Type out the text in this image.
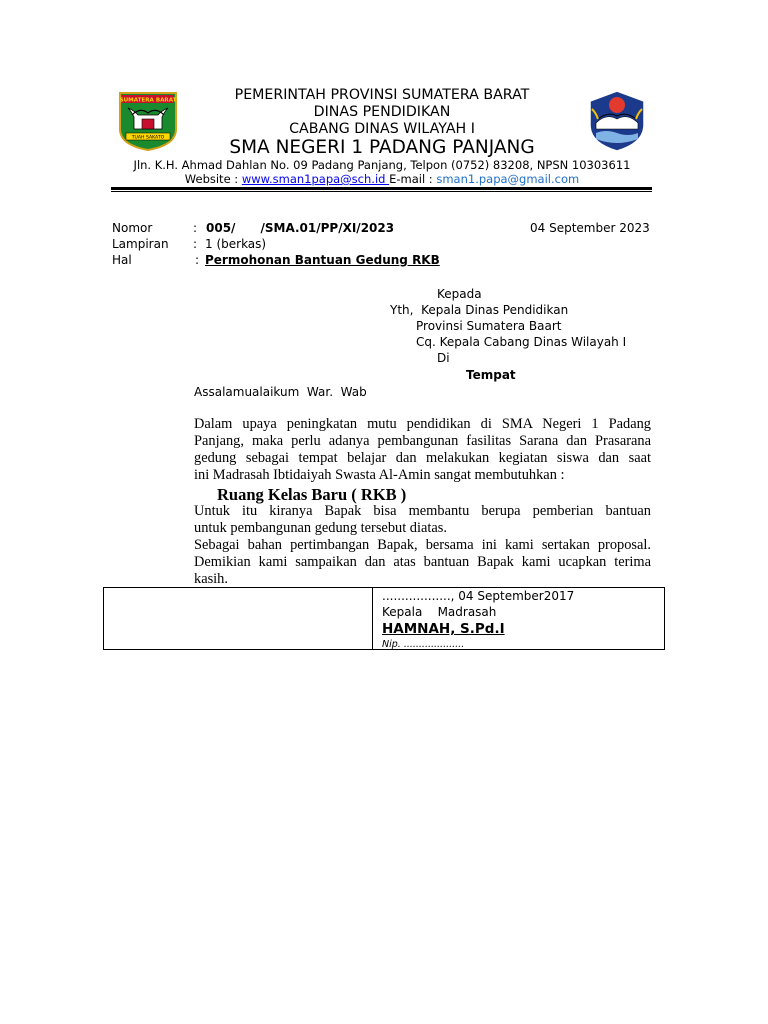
SUMATERA BARAT
TUAH SAKATO
PEMERINTAH PROVINSI SUMATERA BARAT
DINAS PENDIDIKAN
CABANG DINAS WILAYAH I
SMA NEGERI 1 PADANG PANJANG
Jln. K.H. Ahmad Dahlan No. 09 Padang Panjang, Telpon (0752) 83208, NPSN 10303611
Website : www.sman1papa@sch.id E-mail : sman1.papa@gmail.com
Nomor	: 005/      /SMA.01/PP/XI/2023	04 September 2023
Lampiran : 1 (berkas)
Hal	: Permohonan Bantuan Gedung RKB
Kepada
Yth,  Kepala Dinas Pendidikan
Provinsi Sumatera Baart
Cq. Kepala Cabang Dinas Wilayah I
Di
Tempat
Assalamualaikum  War.  Wab
Dalam upaya peningkatan mutu pendidikan di SMA Negeri 1 Padang
Panjang, maka perlu adanya pembangunan fasilitas Sarana dan Prasarana
gedung sebagai tempat belajar dan melakukan kegiatan siswa dan saat
ini Madrasah Ibtidaiyah Swasta Al-Amin sangat membutuhkan :
Ruang Kelas Baru ( RKB )
Untuk itu kiranya Bapak bisa membantu berupa pemberian bantuan
untuk pembangunan gedung tersebut diatas.
Sebagai bahan pertimbangan Bapak, bersama ini kami sertakan proposal.
Demikian kami sampaikan dan atas bantuan Bapak kami ucapkan terima
kasih.
.................., 04 September2017
Kepala    Madrasah
HAMNAH, S.Pd.I
Nip. ....................
